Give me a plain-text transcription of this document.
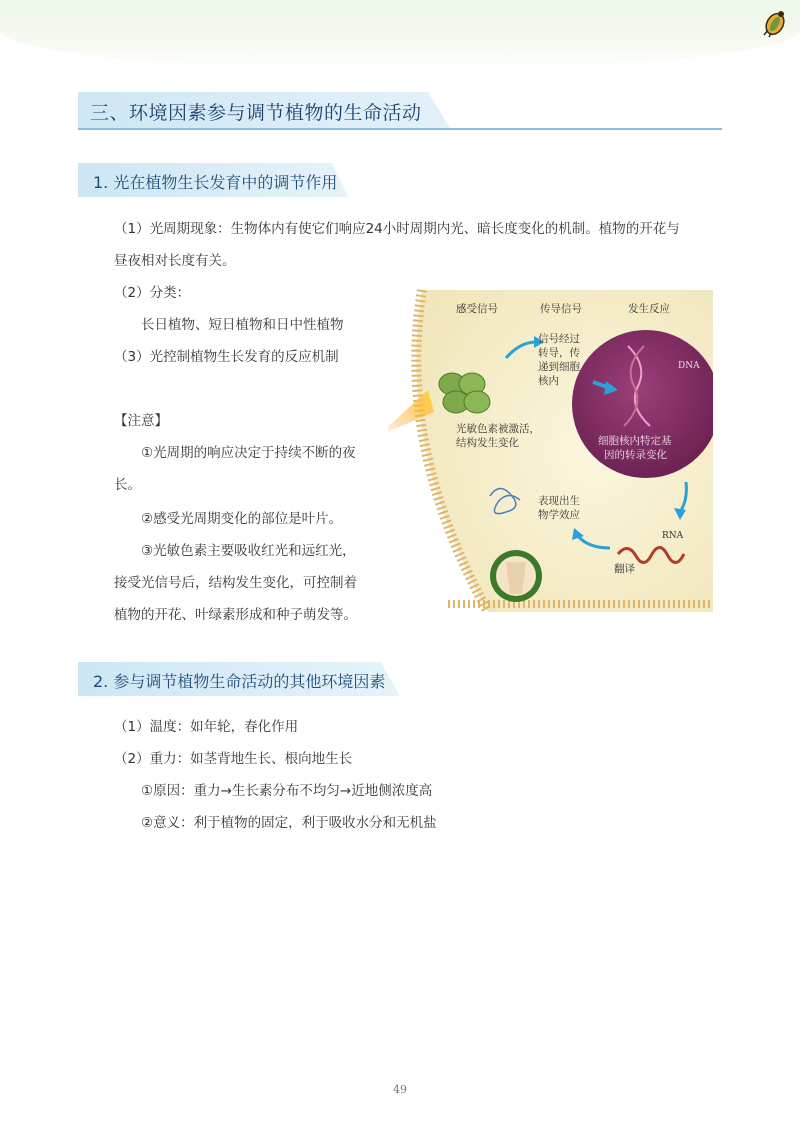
三、环境因素参与调节植物的生命活动
1. 光在植物生长发育中的调节作用
（1）光周期现象：生物体内有使它们响应24小时周期内光、暗长度变化的机制。植物的开花与
昼夜相对长度有关。
（2）分类：
长日植物、短日植物和日中性植物
（3）光控制植物生长发育的反应机制
【注意】
①光周期的响应决定于持续不断的夜
长。
②感受光周期变化的部位是叶片。
③光敏色素主要吸收红光和远红光，
接受光信号后，结构发生变化，可控制着
植物的开花、叶绿素形成和种子萌发等。
感受信号	传导信号	发生反应
信号经过
转导，传
递到细胞
核内
光敏色素被激活，
结构发生变化
DNA
细胞核内特定基
因的转录变化
表现出生
物学效应
RNA
翻译
2. 参与调节植物生命活动的其他环境因素
（1）温度：如年轮，春化作用
（2）重力：如茎背地生长、根向地生长
①原因：重力→生长素分布不均匀→近地侧浓度高
②意义：利于植物的固定，利于吸收水分和无机盐
49
